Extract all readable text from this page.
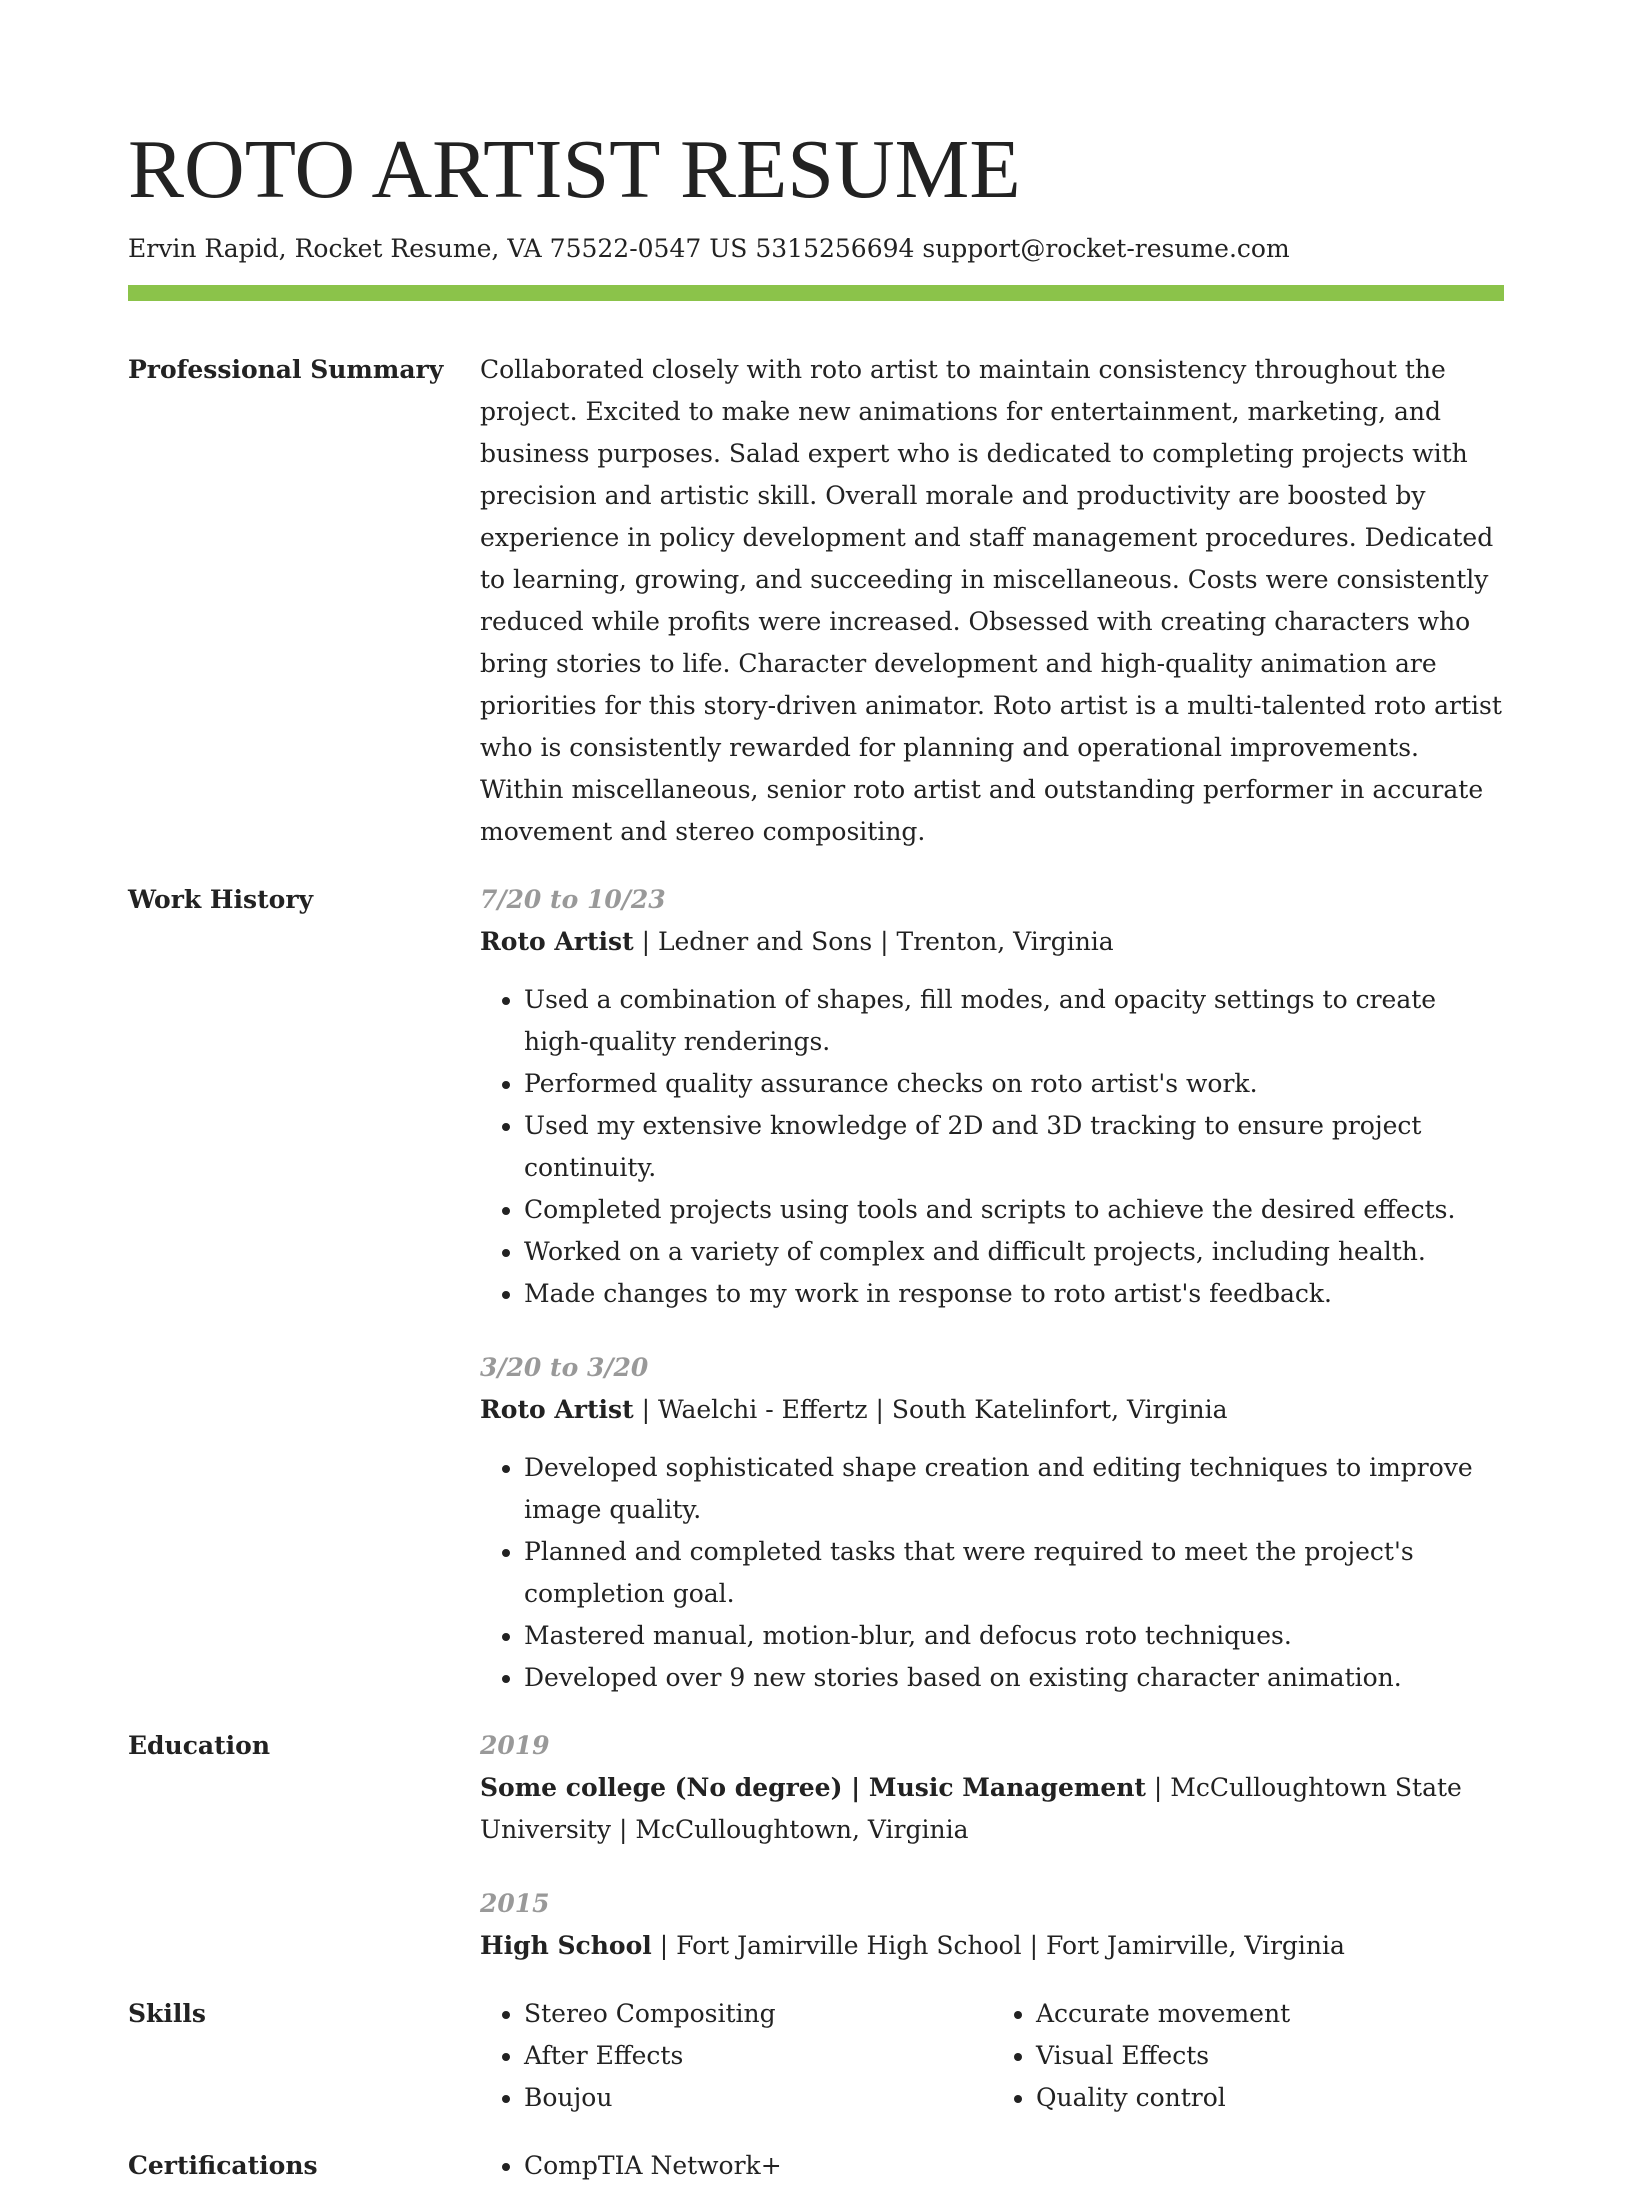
ROTO ARTIST RESUME
Ervin Rapid, Rocket Resume, VA 75522-0547 US 5315256694 support@rocket-resume.com
Professional Summary	Collaborated closely with roto artist to maintain consistency throughout the project. Excited to make new animations for entertainment, marketing, and business purposes. Salad expert who is dedicated to completing projects with precision and artistic skill. Overall morale and productivity are boosted by experience in policy development and staff management procedures. Dedicated to learning, growing, and succeeding in miscellaneous. Costs were consistently reduced while profits were increased. Obsessed with creating characters who bring stories to life. Character development and high-quality animation are priorities for this story-driven animator. Roto artist is a multi-talented roto artist who is consistently rewarded for planning and operational improvements. Within miscellaneous, senior roto artist and outstanding performer in accurate movement and stereo compositing.

Work History	7/20 to 10/23
Roto Artist | Ledner and Sons | Trenton, Virginia
• Used a combination of shapes, fill modes, and opacity settings to create high-quality renderings.
• Performed quality assurance checks on roto artist's work.
• Used my extensive knowledge of 2D and 3D tracking to ensure project continuity.
• Completed projects using tools and scripts to achieve the desired effects.
• Worked on a variety of complex and difficult projects, including health.
• Made changes to my work in response to roto artist's feedback.
3/20 to 3/20
Roto Artist | Waelchi - Effertz | South Katelinfort, Virginia
• Developed sophisticated shape creation and editing techniques to improve image quality.
• Planned and completed tasks that were required to meet the project's completion goal.
• Mastered manual, motion-blur, and defocus roto techniques.
• Developed over 9 new stories based on existing character animation.
Education	2019
Some college (No degree) | Music Management | McCulloughtown State University | McCulloughtown, Virginia
2015
High School | Fort Jamirville High School | Fort Jamirville, Virginia
Skills	• Stereo Compositing
• After Effects
• Boujou
• Accurate movement
• Visual Effects
• Quality control
Certifications	• CompTIA Network+
